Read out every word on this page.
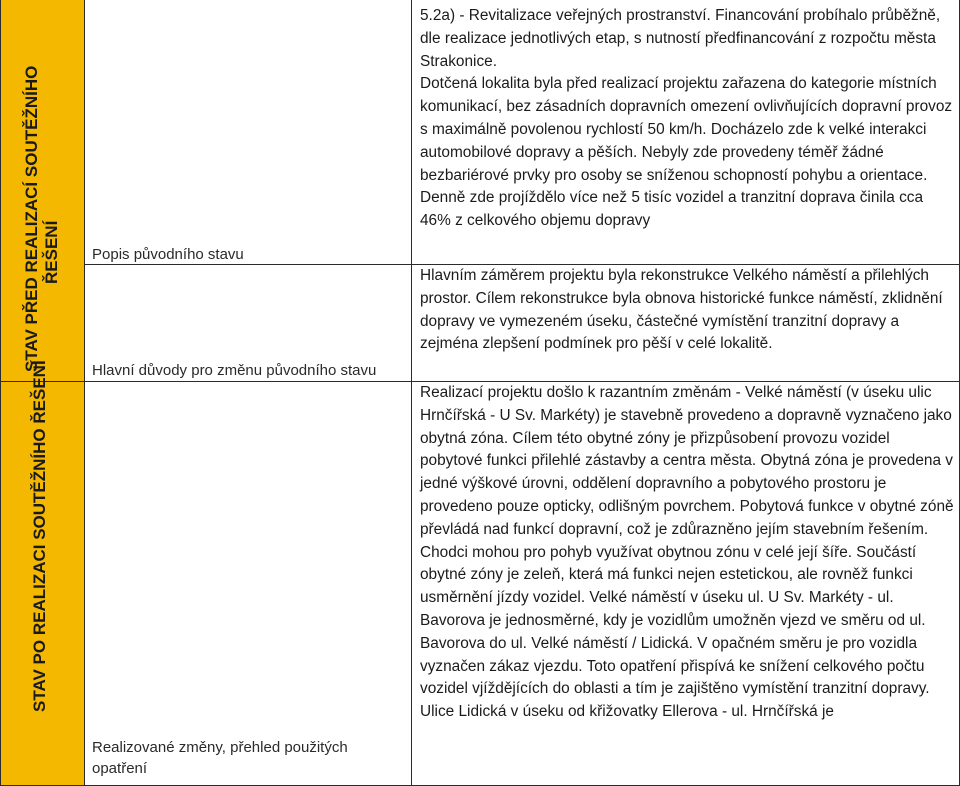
STAV PŘED REALIZACÍ SOUTĚŽNÍHO ŘEŠENÍ
STAV PO REALIZACI SOUTĚŽNÍHO ŘEŠENÍ
Popis původního stavu
Hlavní důvody pro změnu původního stavu
Realizované změny, přehled použitých opatření

5.2a) - Revitalizace veřejných prostranství. Financování probíhalo průběžně, dle realizace jednotlivých etap, s nutností předfinancování z rozpočtu města Strakonice.

Dotčená lokalita byla před realizací projektu zařazena do kategorie místních komunikací, bez zásadních dopravních omezení ovlivňujících dopravní provoz s maximálně povolenou rychlostí 50 km/h. Docházelo zde k velké interakci automobilové dopravy a pěších. Nebyly zde provedeny téměř žádné bezbariérové prvky pro osoby se sníženou schopností pohybu a orientace. Denně zde projíždělo více než 5 tisíc vozidel a tranzitní doprava činila cca 46% z celkového objemu dopravy

Hlavním záměrem projektu byla rekonstrukce Velkého náměstí a přilehlých prostor. Cílem rekonstrukce byla obnova historické funkce náměstí, zklidnění dopravy ve vymezeném úseku, částečné vymístění tranzitní dopravy a zejména zlepšení podmínek pro pěší v celé lokalitě.

Realizací projektu došlo k razantním změnám - Velké náměstí (v úseku ulic Hrnčířská - U Sv. Markéty) je stavebně provedeno a dopravně vyznačeno jako obytná zóna. Cílem této obytné zóny je přizpůsobení provozu vozidel pobytové funkci přilehlé zástavby a centra města. Obytná zóna je provedena v jedné výškové úrovni, oddělení dopravního a pobytového prostoru je provedeno pouze opticky, odlišným povrchem. Pobytová funkce v obytné zóně převládá nad funkcí dopravní, což je zdůrazněno jejím stavebním řešením. Chodci mohou pro pohyb využívat obytnou zónu v celé její šíře. Součástí obytné zóny je zeleň, která má funkci nejen estetickou, ale rovněž funkci usměrnění jízdy vozidel. Velké náměstí v úseku ul. U Sv. Markéty - ul. Bavorova je jednosměrné, kdy je vozidlům umožněn vjezd ve směru od ul. Bavorova do ul. Velké náměstí / Lidická. V opačném směru je pro vozidla vyznačen zákaz vjezdu. Toto opatření přispívá ke snížení celkového počtu vozidel vjíždějících do oblasti a tím je zajištěno vymístění tranzitní dopravy. Ulice Lidická v úseku od křižovatky Ellerova - ul. Hrnčířská je
